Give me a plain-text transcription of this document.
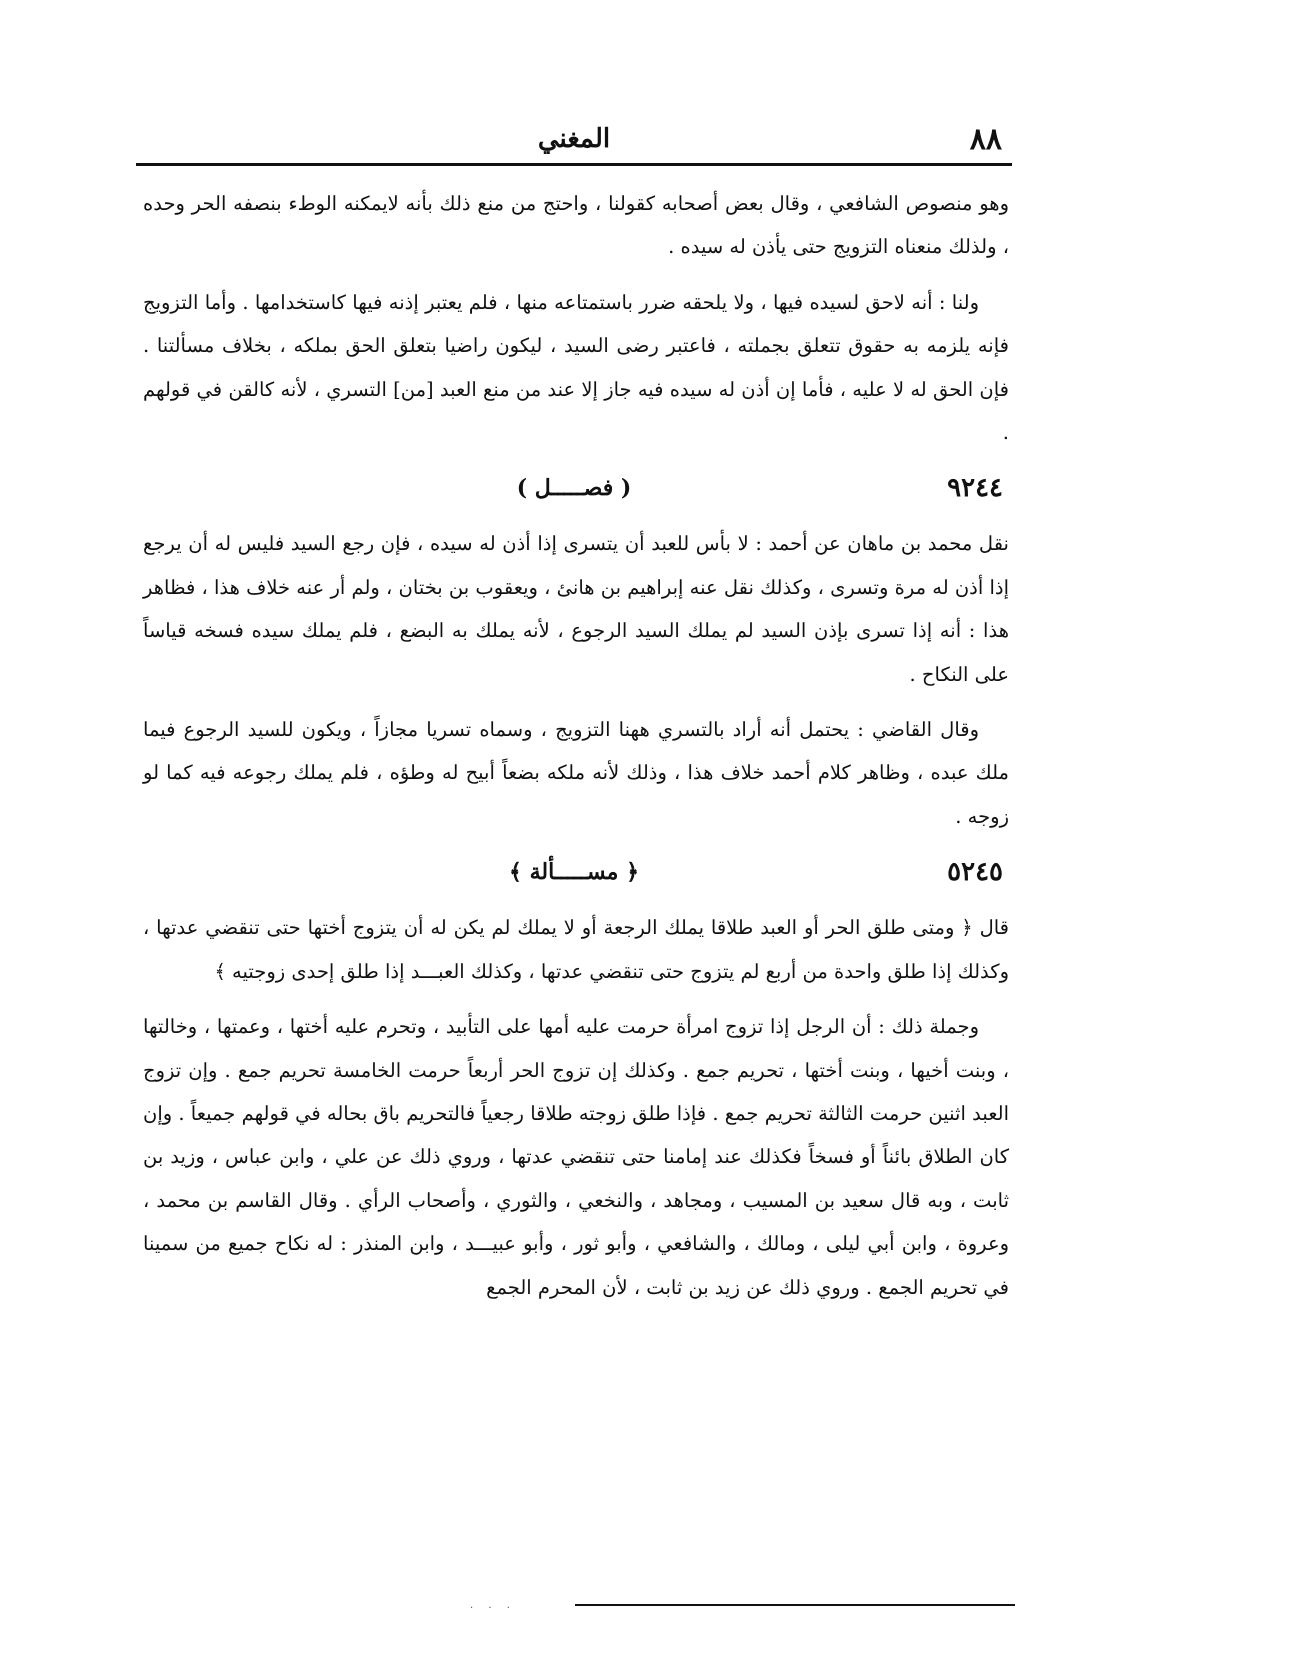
٨٨
المغني

وهو منصوص الشافعي ، وقال بعض أصحابه كقولنا ، واحتج من منع ذلك بأنه لايمكنه الوطء بنصفه الحر وحده ، ولذلك منعناه التزويج حتى يأذن له سيده .

ولنا : أنه لاحق لسيده فيها ، ولا يلحقه ضرر باستمتاعه منها ، فلم يعتبر إذنه فيها كاستخدامها . وأما التزويج فإنه يلزمه به حقوق تتعلق بجملته ، فاعتبر رضى السيد ، ليكون راضيا بتعلق الحق بملكه ، بخلاف مسألتنا . فإن الحق له لا عليه ، فأما إن أذن له سيده فيه جاز إلا عند من منع العبد [من] التسري ، لأنه كالقن في قولهم .

٩٢٤٤
( فصـــــل )

نقل محمد بن ماهان عن أحمد : لا بأس للعبد أن يتسرى إذا أذن له سيده ، فإن رجع السيد فليس له أن يرجع إذا أذن له مرة وتسرى ، وكذلك نقل عنه إبراهيم بن هانئ ، ويعقوب بن بختان ، ولم أر عنه خلاف هذا ، فظاهر هذا : أنه إذا تسرى بإذن السيد لم يملك السيد الرجوع ، لأنه يملك به البضع ، فلم يملك سيده فسخه قياساً على النكاح .

وقال القاضي : يحتمل أنه أراد بالتسري ههنا التزويج ، وسماه تسريا مجازاً ، ويكون للسيد الرجوع فيما ملك عبده ، وظاهر كلام أحمد خلاف هذا ، وذلك لأنه ملكه بضعاً أبيح له وطؤه ، فلم يملك رجوعه فيه كما لو زوجه .

٥٢٤٥
﴿ مســـــألة ﴾

قال ﴿ ومتى طلق الحر أو العبد طلاقا يملك الرجعة أو لا يملك لم يكن له أن يتزوج أختها حتى تنقضي عدتها ، وكذلك إذا طلق واحدة من أربع لم يتزوج حتى تنقضي عدتها ، وكذلك العبـــد إذا طلق إحدى زوجتيه ﴾

وجملة ذلك : أن الرجل إذا تزوج امرأة حرمت عليه أمها على التأبيد ، وتحرم عليه أختها ، وعمتها ، وخالتها ، وبنت أخيها ، وبنت أختها ، تحريم جمع . وكذلك إن تزوج الحر أربعاً حرمت الخامسة تحريم جمع . وإن تزوج العبد اثنين حرمت الثالثة تحريم جمع . فإذا طلق زوجته طلاقا رجعياً فالتحريم باق بحاله في قولهم جميعاً . وإن كان الطلاق بائناً أو فسخاً فكذلك عند إمامنا حتى تنقضي عدتها ، وروي ذلك عن علي ، وابن عباس ، وزيد بن ثابت ، وبه قال سعيد بن المسيب ، ومجاهد ، والنخعي ، والثوري ، وأصحاب الرأي . وقال القاسم بن محمد ، وعروة ، وابن أبي ليلى ، ومالك ، والشافعي ، وأبو ثور ، وأبو عبيـــد ، وابن المنذر : له نكاح جميع من سمينا في تحريم الجمع . وروي ذلك عن زيد بن ثابت ، لأن المحرم الجمع

· · ·
